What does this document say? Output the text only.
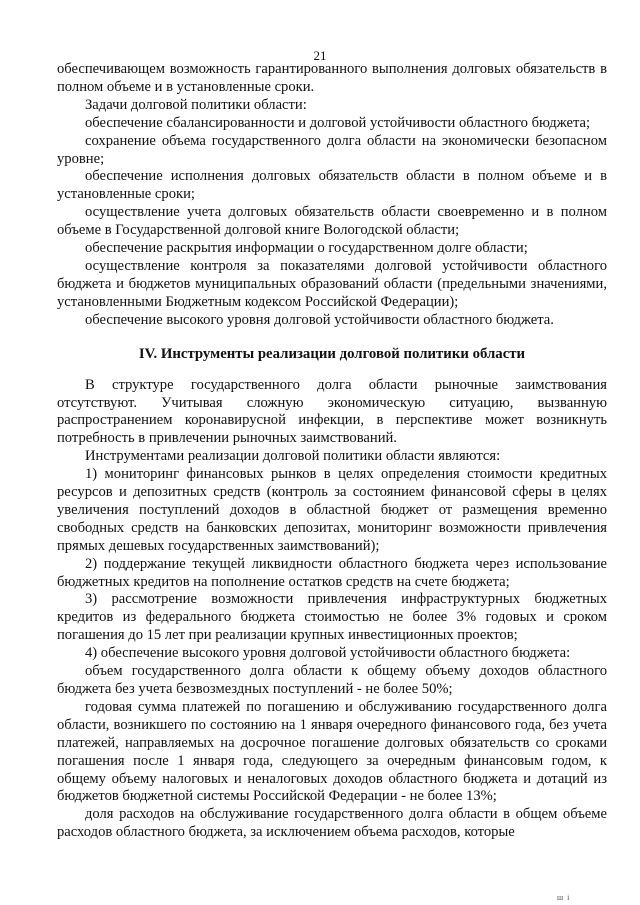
21

обеспечивающем возможность гарантированного выполнения долговых обязательств в полном объеме и в установленные сроки.

Задачи долговой политики области:

обеспечение сбалансированности и долговой устойчивости областного бюджета;

сохранение объема государственного долга области на экономически безопасном уровне;

обеспечение исполнения долговых обязательств области в полном объеме и в установленные сроки;

осуществление учета долговых обязательств области своевременно и в полном объеме в Государственной долговой книге Вологодской области;

обеспечение раскрытия информации о государственном долге области;

осуществление контроля за показателями долговой устойчивости областного бюджета и бюджетов муниципальных образований области (предельными значениями, установленными Бюджетным кодексом Российской Федерации);

обеспечение высокого уровня долговой устойчивости областного бюджета.

IV. Инструменты реализации долговой политики области

В структуре государственного долга области рыночные заимствования отсутствуют. Учитывая сложную экономическую ситуацию, вызванную распространением коронавирусной инфекции, в перспективе может возникнуть потребность в привлечении рыночных заимствований.

Инструментами реализации долговой политики области являются:

1) мониторинг финансовых рынков в целях определения стоимости кредитных ресурсов и депозитных средств (контроль за состоянием финансовой сферы в целях увеличения поступлений доходов в областной бюджет от размещения временно свободных средств на банковских депозитах, мониторинг возможности привлечения прямых дешевых государственных заимствований);

2) поддержание текущей ликвидности областного бюджета через использование бюджетных кредитов на пополнение остатков средств на счете бюджета;

3) рассмотрение возможности привлечения инфраструктурных бюджетных кредитов из федерального бюджета стоимостью не более 3% годовых и сроком погашения до 15 лет при реализации крупных инвестиционных проектов;

4) обеспечение высокого уровня долговой устойчивости областного бюджета:

объем государственного долга области к общему объему доходов областного бюджета без учета безвозмездных поступлений - не более 50%;

годовая сумма платежей по погашению и обслуживанию государственного долга области, возникшего по состоянию на 1 января очередного финансового года, без учета платежей, направляемых на досрочное погашение долговых обязательств со сроками погашения после 1 января года, следующего за очередным финансовым годом, к общему объему налоговых и неналоговых доходов областного бюджета и дотаций из бюджетов бюджетной системы Российской Федерации - не более 13%;

доля расходов на обслуживание государственного долга области в общем объеме расходов областного бюджета, за исключением объема расходов, которые

ш і
